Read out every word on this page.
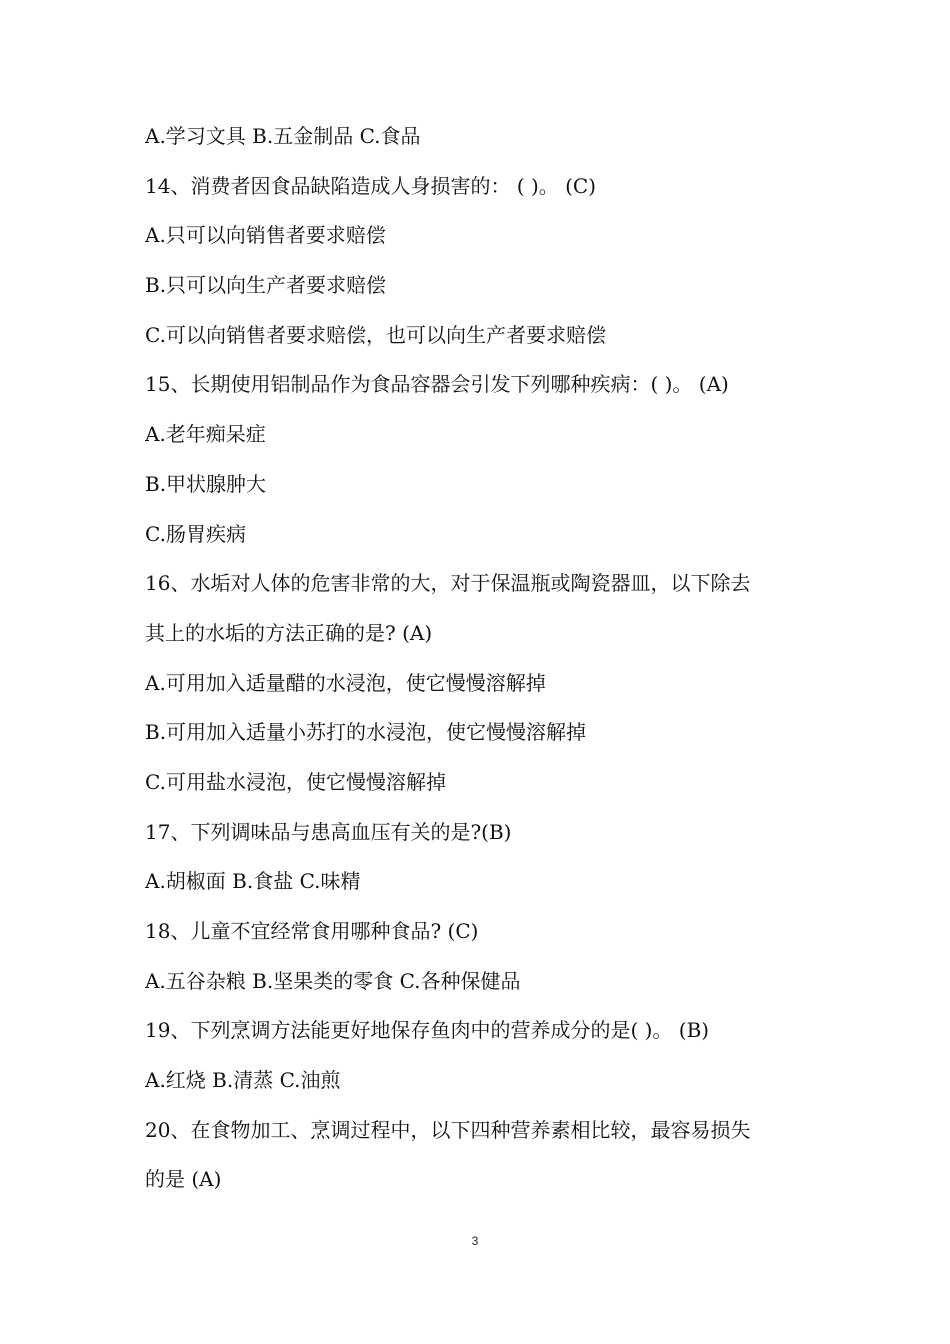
A.学习文具 B.五金制品 C.食品
14、消费者因食品缺陷造成人身损害的： ( )。 (C)
A.只可以向销售者要求赔偿
B.只可以向生产者要求赔偿
C.可以向销售者要求赔偿，也可以向生产者要求赔偿
15、长期使用铝制品作为食品容器会引发下列哪种疾病：( )。 (A)
A.老年痴呆症
B.甲状腺肿大
C.肠胃疾病
16、水垢对人体的危害非常的大，对于保温瓶或陶瓷器皿，以下除去
其上的水垢的方法正确的是? (A)
A.可用加入适量醋的水浸泡，使它慢慢溶解掉
B.可用加入适量小苏打的水浸泡，使它慢慢溶解掉
C.可用盐水浸泡，使它慢慢溶解掉
17、下列调味品与患高血压有关的是?(B)
A.胡椒面 B.食盐 C.味精
18、儿童不宜经常食用哪种食品? (C)
A.五谷杂粮 B.坚果类的零食 C.各种保健品
19、下列烹调方法能更好地保存鱼肉中的营养成分的是( )。 (B)
A.红烧 B.清蒸 C.油煎
20、在食物加工、烹调过程中，以下四种营养素相比较，最容易损失
的是 (A)
3
